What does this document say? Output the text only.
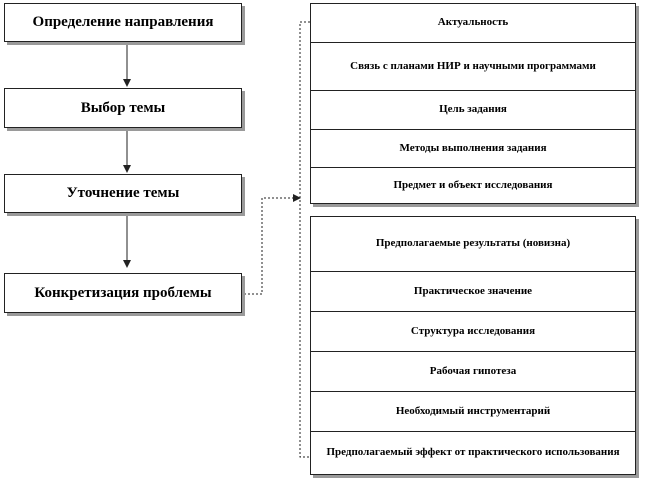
Определение направления
Выбор темы
Уточнение темы
Конкретизация проблемы
Актуальность
Связь с планами НИР и научными программами
Цель задания
Методы выполнения задания
Предмет и объект исследования
Предполагаемые результаты (новизна)
Практическое значение
Структура исследования
Рабочая гипотеза
Необходимый инструментарий
Предполагаемый эффект от практического использования
